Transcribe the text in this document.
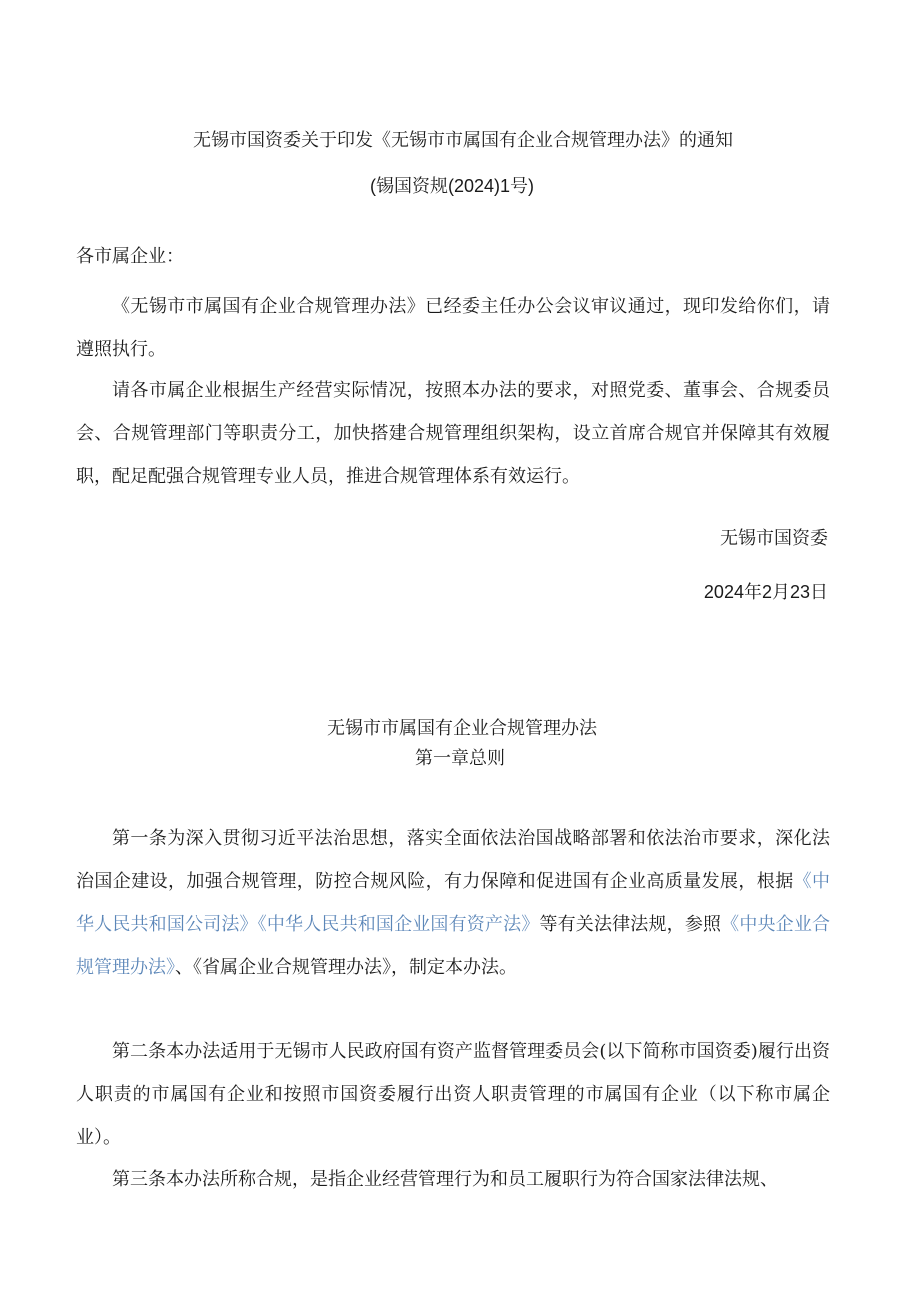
无锡市国资委关于印发《无锡市市属国有企业合规管理办法》的通知
(锡国资规(2024)1号)
各市属企业：

《无锡市市属国有企业合规管理办法》已经委主任办公会议审议通过，现印发给你们，请遵照执行。

请各市属企业根据生产经营实际情况，按照本办法的要求，对照党委、董事会、合规委员会、合规管理部门等职责分工，加快搭建合规管理组织架构，设立首席合规官并保障其有效履职，配足配强合规管理专业人员，推进合规管理体系有效运行。

无锡市国资委
2024年2月23日
无锡市市属国有企业合规管理办法
第一章总则

第一条为深入贯彻习近平法治思想，落实全面依法治国战略部署和依法治市要求，深化法治国企建设，加强合规管理，防控合规风险，有力保障和促进国有企业高质量发展，根据《中华人民共和国公司法》《中华人民共和国企业国有资产法》等有关法律法规，参照《中央企业合规管理办法》、《省属企业合规管理办法》，制定本办法。

第二条本办法适用于无锡市人民政府国有资产监督管理委员会(以下简称市国资委)履行出资人职责的市属国有企业和按照市国资委履行出资人职责管理的市属国有企业（以下称市属企业）。

第三条本办法所称合规，是指企业经营管理行为和员工履职行为符合国家法律法规、
